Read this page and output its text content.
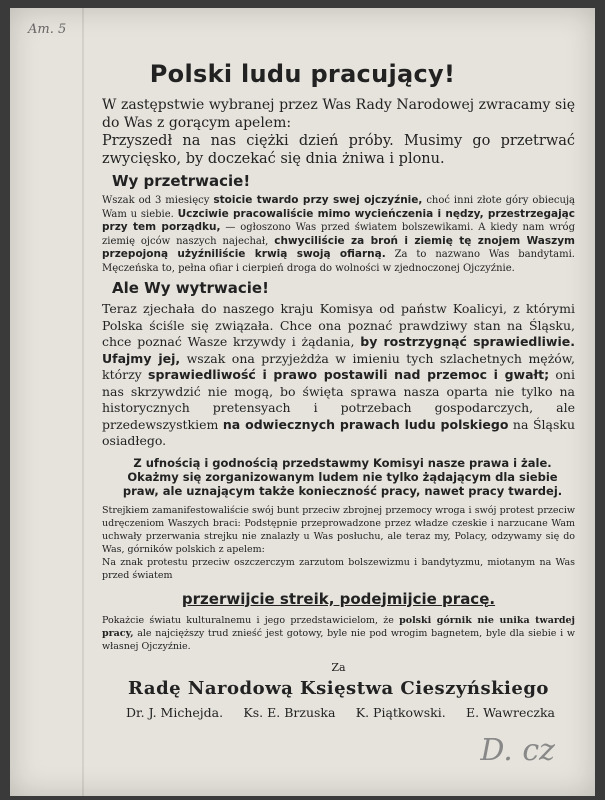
Am. 5
D. cz
Polski ludu pracujący!

W zastępstwie wybranej przez Was Rady Narodowej zwracamy się do Was z gorącym apelem:

Przyszedł na nas ciężki dzień próby. Musimy go przetrwać zwycięsko, by doczekać się dnia żniwa i plonu.

Wy przetrwacie!

Wszak od 3 miesięcy stoicie twardo przy swej ojczyźnie, choć inni złote góry obiecują Wam u siebie. Uczciwie pracowaliście mimo wycieńczenia i nędzy, przestrzegając przy tem porządku, — ogłoszono Was przed światem bolszewikami. A kiedy nam wróg ziemię ojców naszych najechał, chwyciliście za broń i ziemię tę znojem Waszym przepojoną użyźniliście krwią swoją ofiarną. Za to nazwano Was bandytami. Męczeńska to, pełna ofiar i cierpień droga do wolności w zjednoczonej Ojczyźnie.

Ale Wy wytrwacie!

Teraz zjechała do naszego kraju Komisya od państw Koalicyi, z którymi Polska ściśle się związała. Chce ona poznać prawdziwy stan na Śląsku, chce poznać Wasze krzywdy i żądania, by rostrzygnąć sprawiedliwie. Ufajmy jej, wszak ona przyjeżdża w imieniu tych szlachetnych mężów, którzy sprawiedliwość i prawo postawili nad przemoc i gwałt; oni nas skrzywdzić nie mogą, bo święta sprawa nasza oparta nie tylko na historycznych pretensyach i potrzebach gospodarczych, ale przedewszystkiem na odwiecznych prawach ludu polskiego na Śląsku osiadłego.

Z ufnością i godnością przedstawmy Komisyi nasze prawa i żale. Okażmy się zorganizowanym ludem nie tylko żądającym dla siebie praw, ale uznającym także konieczność pracy, nawet pracy twardej.

Strejkiem zamanifestowaliście swój bunt przeciw zbrojnej przemocy wroga i swój protest przeciw udręczeniom Waszych braci: Podstępnie przeprowadzone przez władze czeskie i narzucane Wam uchwały przerwania strejku nie znalazły u Was posłuchu, ale teraz my, Polacy, odzywamy się do Was, górników polskich z apelem:

Na znak protestu przeciw oszczerczym zarzutom bolszewizmu i bandytyzmu, miotanym na Was przed światem

przerwijcie streik, podejmijcie pracę.

Pokażcie światu kulturalnemu i jego przedstawicielom, że polski górnik nie unika twardej pracy, ale najcięższy trud znieść jest gotowy, byle nie pod wrogim bagnetem, byle dla siebie i w własnej Ojczyźnie.

Za
Radę Narodową Księstwa Cieszyńskiego
Dr. J. Michejda. Ks. E. Brzuska K. Piątkowski. E. Wawreczka
